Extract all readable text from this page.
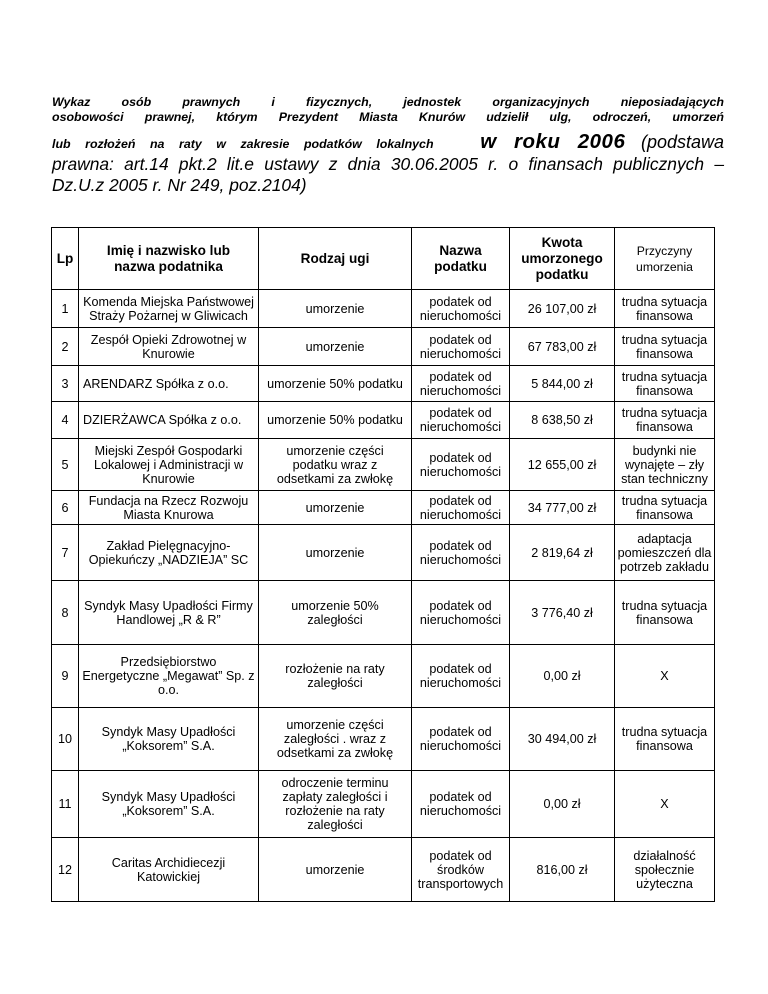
Wykaz osób prawnych i fizycznych, jednostek organizacyjnych nieposiadających
osobowości prawnej, którym Prezydent Miasta Knurów udzielił ulg, odroczeń, umorzeń
lub rozłożeń na raty w zakresie podatków lokalnych w roku 2006 (podstawa
prawna: art.14 pkt.2 lit.e ustawy z dnia 30.06.2005 r. o finansach publicznych –
Dz.U.z 2005 r. Nr 249, poz.2104)
Lp	Imię i nazwisko lub
nazwa podatnika	Rodzaj ugi	Nazwa
podatku	Kwota
umorzonego
podatku	Przyczyny
umorzenia
1	Komenda Miejska Państwowej
Straży Pożarnej w Gliwicach	umorzenie	podatek od
nieruchomości	26 107,00 zł	trudna sytuacja
finansowa
2	Zespół Opieki Zdrowotnej w
Knurowie	umorzenie	podatek od
nieruchomości	67 783,00 zł	trudna sytuacja
finansowa
3	ARENDARZ Spółka z o.o.	umorzenie 50% podatku	podatek od
nieruchomości	5 844,00 zł	trudna sytuacja
finansowa
4	DZIERŻAWCA Spółka z o.o.	umorzenie 50% podatku	podatek od
nieruchomości	8 638,50 zł	trudna sytuacja
finansowa
5	Miejski Zespół Gospodarki
Lokalowej i Administracji w
Knurowie	umorzenie części
podatku wraz z
odsetkami za zwłokę	podatek od
nieruchomości	12 655,00 zł	budynki nie
wynajęte – zły
stan techniczny
6	Fundacja na Rzecz Rozwoju
Miasta Knurowa	umorzenie	podatek od
nieruchomości	34 777,00 zł	trudna sytuacja
finansowa
7	Zakład Pielęgnacyjno-
Opiekuńczy „NADZIEJA” SC	umorzenie	podatek od
nieruchomości	2 819,64 zł	adaptacja
pomieszczeń dla
potrzeb zakładu
8	Syndyk Masy Upadłości Firmy
Handlowej „R & R”	umorzenie 50%
zaległości	podatek od
nieruchomości	3 776,40 zł	trudna sytuacja
finansowa
9	Przedsiębiorstwo
Energetyczne „Megawat” Sp. z
o.o.	rozłożenie na raty
zaległości	podatek od
nieruchomości	0,00 zł	X
10	Syndyk Masy Upadłości
„Koksorem” S.A.	umorzenie części
zaległości . wraz z
odsetkami za zwłokę	podatek od
nieruchomości	30 494,00 zł	trudna sytuacja
finansowa
11	Syndyk Masy Upadłości
„Koksorem” S.A.	odroczenie terminu
zapłaty zaległości i
rozłożenie na raty
zaległości	podatek od
nieruchomości	0,00 zł	X
12	Caritas Archidiecezji
Katowickiej	umorzenie	podatek od
środków
transportowych	816,00 zł	działalność
społecznie
użyteczna
